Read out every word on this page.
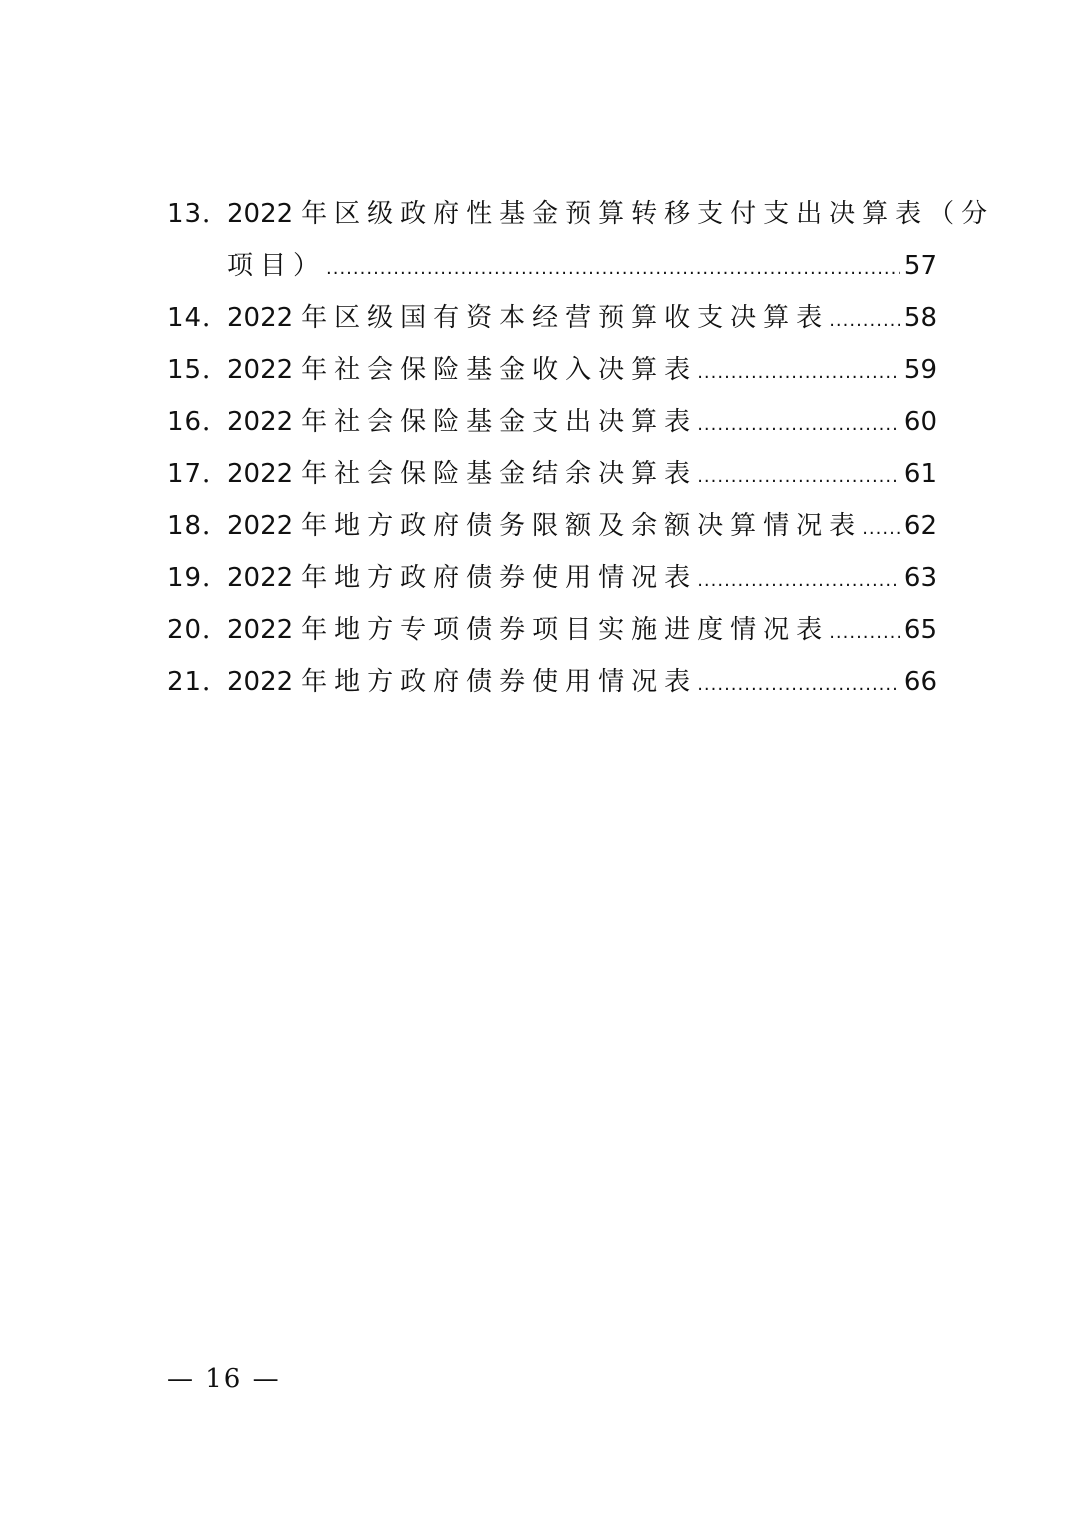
13．
2022 年区级政府性基金预算转移支付支出决算表（分
项目） .....	57
14．
2022 年区级国有资本经营预算收支决算表 .....	58
15．
2022 年社会保险基金收入决算表 .....	59
16．
2022 年社会保险基金支出决算表 .....	60
17．
2022 年社会保险基金结余决算表 .....	61
18．
2022 年地方政府债务限额及余额决算情况表 ..... 62
19．
2022 年地方政府债券使用情况表 .....	63
20．
2022 年地方专项债券项目实施进度情况表 .....	65
21．
2022 年地方政府债券使用情况表 .....	66
— 16 —
